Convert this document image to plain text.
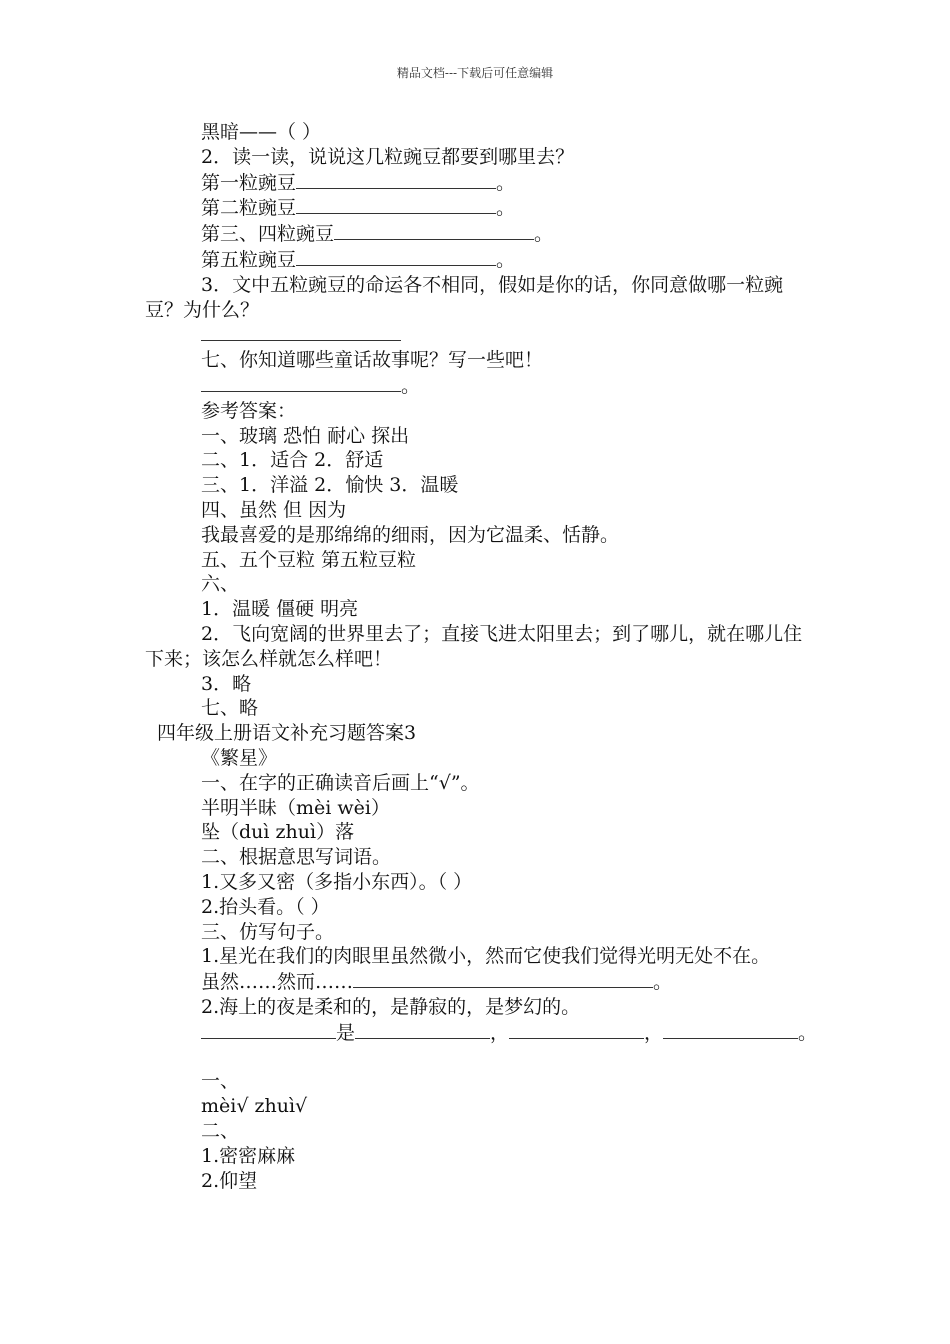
精品文档---下载后可任意编辑
黑暗——（ ）
2．读一读，说说这几粒豌豆都要到哪里去？
第一粒豌豆	。
第二粒豌豆	。
第三、四粒豌豆	。
第五粒豌豆	。
3．文中五粒豌豆的命运各不相同，假如是你的话，你同意做哪一粒豌豆？为什么？
七、你知道哪些童话故事呢？写一些吧！
。
参考答案：
一、玻璃 恐怕 耐心 探出
二、1．适合 2．舒适
三、1．洋溢 2．愉快 3．温暖
四、虽然 但 因为
我最喜爱的是那绵绵的细雨，因为它温柔、恬静。
五、五个豆粒 第五粒豆粒
六、
1．温暖 僵硬 明亮
2．飞向宽阔的世界里去了；直接飞进太阳里去；到了哪儿，就在哪儿住下来；该怎么样就怎么样吧！
3．略
七、略
四年级上册语文补充习题答案3
《繁星》
一、在字的正确读音后画上“√”。
半明半昧（mèi wèi）
坠（duì zhuì）落
二、根据意思写词语。
1.又多又密（多指小东西）。（ ）
2.抬头看。（ ）
三、仿写句子。
1.星光在我们的肉眼里虽然微小，然而它使我们觉得光明无处不在。
虽然……然而……	。
2.海上的夜是柔和的，是静寂的，是梦幻的。
是	，	，	。
一、
mèi√ zhuì√
二、
1.密密麻麻
2.仰望
